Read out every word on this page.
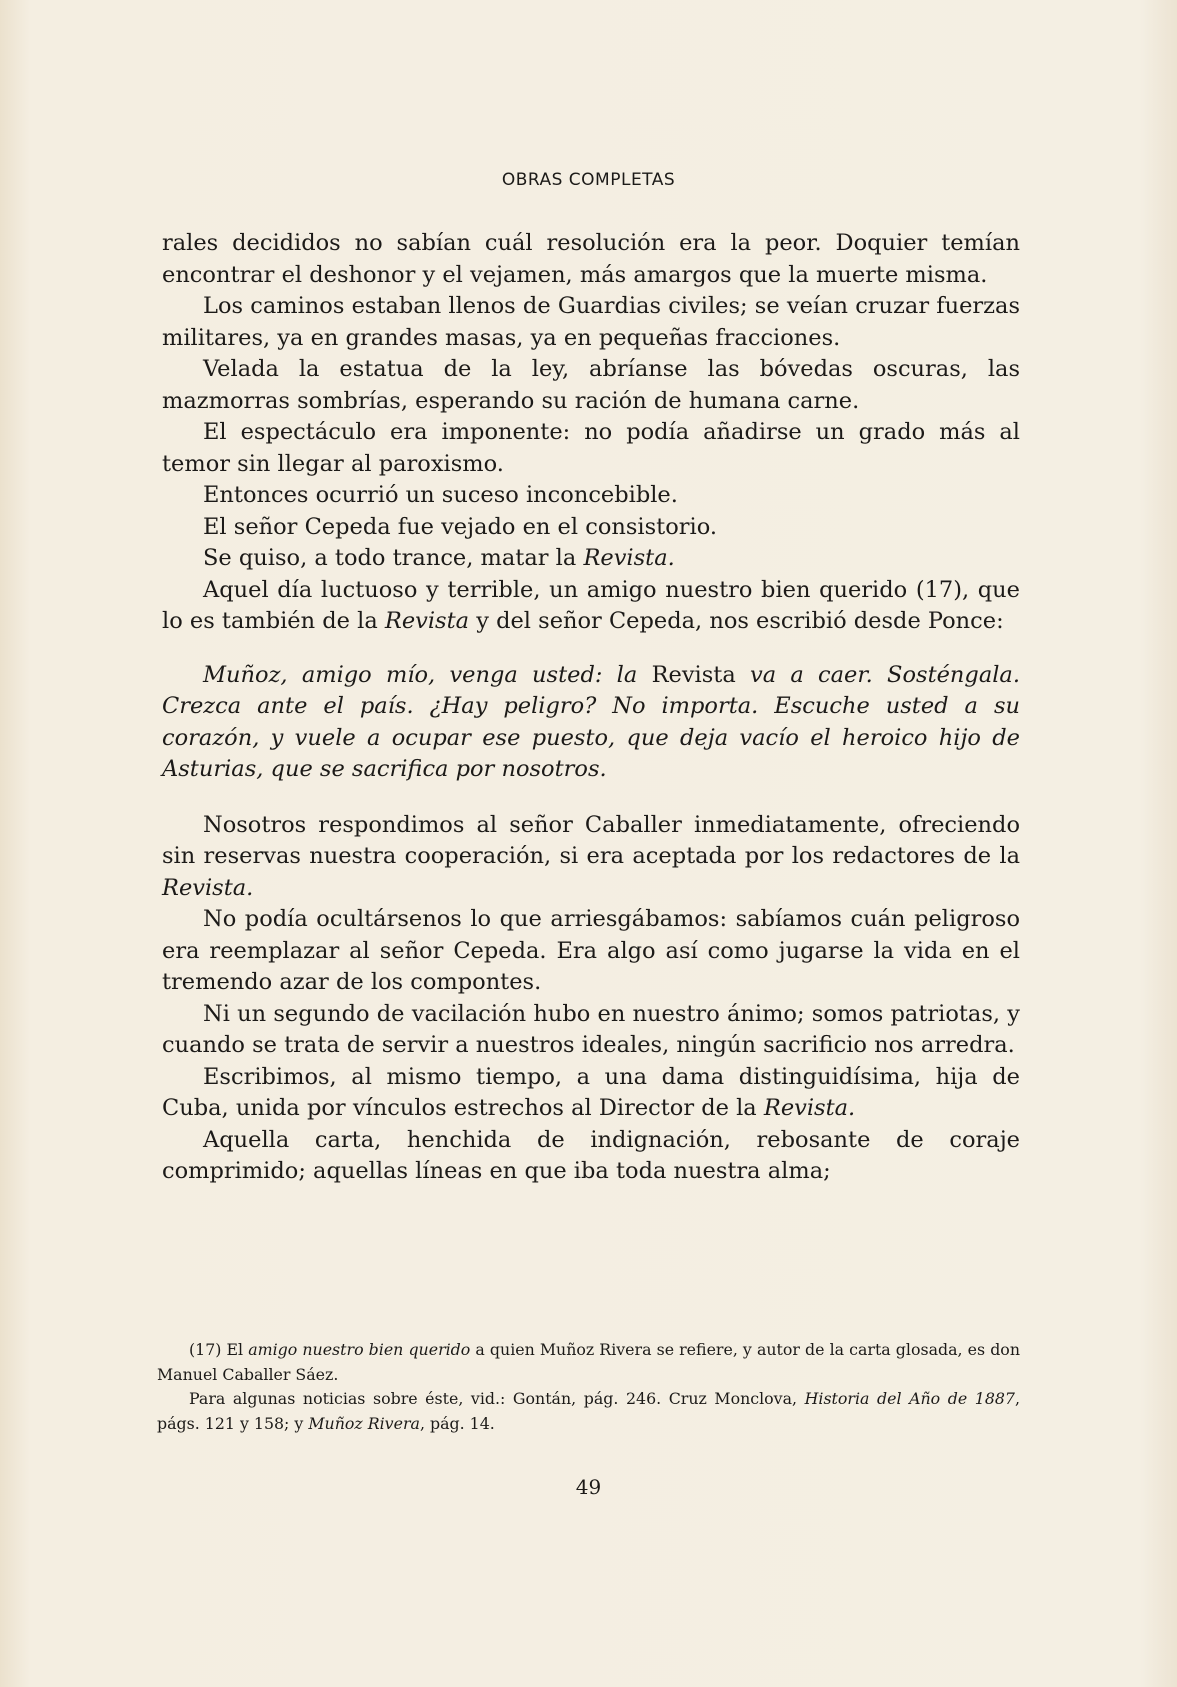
OBRAS COMPLETAS

rales decididos no sabían cuál resolución era la peor. Doquier temían encontrar el deshonor y el vejamen, más amargos que la muerte misma.

Los caminos estaban llenos de Guardias civiles; se veían cruzar fuerzas militares, ya en grandes masas, ya en pequeñas fracciones.

Velada la estatua de la ley, abríanse las bóvedas oscuras, las mazmorras sombrías, esperando su ración de humana carne.

El espectáculo era imponente: no podía añadirse un grado más al temor sin llegar al paroxismo.

Entonces ocurrió un suceso inconcebible.

El señor Cepeda fue vejado en el consistorio.

Se quiso, a todo trance, matar la Revista.

Aquel día luctuoso y terrible, un amigo nuestro bien querido (17), que lo es también de la Revista y del señor Cepeda, nos escribió desde Ponce:

Muñoz, amigo mío, venga usted: la Revista va a caer. Sosténgala. Crezca ante el país. ¿Hay peligro? No importa. Escuche usted a su corazón, y vuele a ocupar ese puesto, que deja vacío el heroico hijo de Asturias, que se sacrifica por nosotros.

Nosotros respondimos al señor Caballer inmediatamente, ofreciendo sin reservas nuestra cooperación, si era aceptada por los redactores de la Revista.

No podía ocultársenos lo que arriesgábamos: sabíamos cuán peligroso era reemplazar al señor Cepeda. Era algo así como jugarse la vida en el tremendo azar de los compontes.

Ni un segundo de vacilación hubo en nuestro ánimo; somos patriotas, y cuando se trata de servir a nuestros ideales, ningún sacrificio nos arredra.

Escribimos, al mismo tiempo, a una dama distinguidísima, hija de Cuba, unida por vínculos estrechos al Director de la Revista.

Aquella carta, henchida de indignación, rebosante de coraje comprimido; aquellas líneas en que iba toda nuestra alma;

(17) El amigo nuestro bien querido a quien Muñoz Rivera se refiere, y autor de la carta glosada, es don Manuel Caballer Sáez.

Para algunas noticias sobre éste, vid.: Gontán, pág. 246. Cruz Monclova, Historia del Año de 1887, págs. 121 y 158; y Muñoz Rivera, pág. 14.

49
